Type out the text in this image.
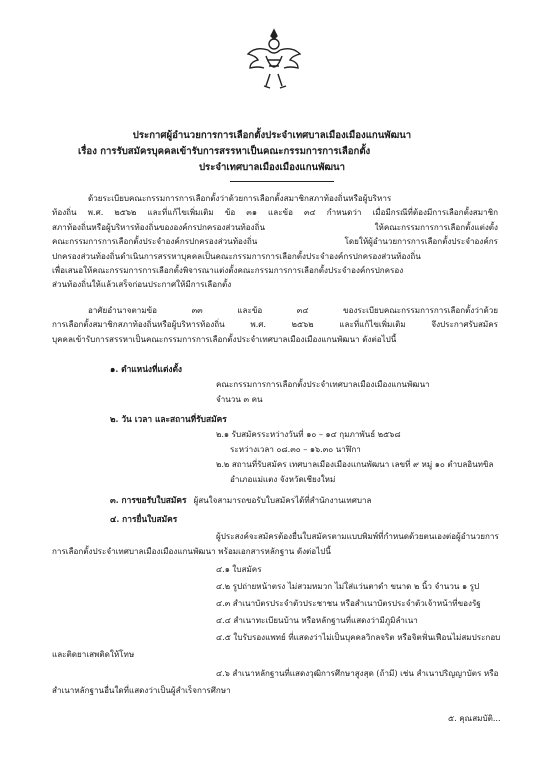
ประกาศผู้อำนวยการการเลือกตั้งประจำเทศบาลเมืองเมืองแกนพัฒนา
เรื่อง การรับสมัครบุคคลเข้ารับการสรรหาเป็นคณะกรรมการการเลือกตั้ง
ประจำเทศบาลเมืองเมืองแกนพัฒนา
ด้วยระเบียบคณะกรรมการการเลือกตั้งว่าด้วยการเลือกตั้งสมาชิกสภาท้องถิ่นหรือผู้บริหาร
ท้องถิ่น พ.ศ. ๒๕๖๒ และที่แก้ไขเพิ่มเติม ข้อ ๓๑ และข้อ ๓๔ กำหนดว่า เมื่อมีกรณีที่ต้องมีการเลือกตั้งสมาชิก
สภาท้องถิ่นหรือผู้บริหารท้องถิ่นขององค์กรปกครองส่วนท้องถิ่น ให้คณะกรรมการการเลือกตั้งแต่งตั้ง
คณะกรรมการการเลือกตั้งประจำองค์กรปกครองส่วนท้องถิ่น โดยให้ผู้อำนวยการการเลือกตั้งประจำองค์กร
ปกครองส่วนท้องถิ่นดำเนินการสรรหาบุคคลเป็นคณะกรรมการการเลือกตั้งประจำองค์กรปกครองส่วนท้องถิ่น
เพื่อเสนอให้คณะกรรมการการเลือกตั้งพิจารณาแต่งตั้งคณะกรรมการการเลือกตั้งประจำองค์กรปกครอง
ส่วนท้องถิ่นให้แล้วเสร็จก่อนประกาศให้มีการเลือกตั้ง
อาศัยอำนาจตามข้อ ๓๓ และข้อ ๓๔ ของระเบียบคณะกรรมการการเลือกตั้งว่าด้วย
การเลือกตั้งสมาชิกสภาท้องถิ่นหรือผู้บริหารท้องถิ่น พ.ศ. ๒๕๖๒ และที่แก้ไขเพิ่มเติม จึงประกาศรับสมัคร
บุคคลเข้ารับการสรรหาเป็นคณะกรรมการการเลือกตั้งประจำเทศบาลเมืองเมืองแกนพัฒนา ดังต่อไปนี้
๑. ตำแหน่งที่แต่งตั้ง
คณะกรรมการการเลือกตั้งประจำเทศบาลเมืองเมืองแกนพัฒนา
จำนวน ๓ คน
๒. วัน เวลา และสถานที่รับสมัคร
๒.๑ รับสมัครระหว่างวันที่ ๑๐ – ๑๔ กุมภาพันธ์ ๒๕๖๘
ระหว่างเวลา ๐๘.๓๐ – ๑๖.๓๐ นาฬิกา
๒.๒ สถานที่รับสมัคร เทศบาลเมืองเมืองแกนพัฒนา เลขที่ ๙ หมู่ ๑๐ ตำบลอินทขิล
อำเภอแม่แตง จังหวัดเชียงใหม่
๓. การขอรับใบสมัคร ผู้สนใจสามารถขอรับใบสมัครได้ที่สำนักงานเทศบาล
๔. การยื่นใบสมัคร
ผู้ประสงค์จะสมัครต้องยื่นใบสมัครตามแบบพิมพ์ที่กำหนดด้วยตนเองต่อผู้อำนวยการ
การเลือกตั้งประจำเทศบาลเมืองเมืองแกนพัฒนา พร้อมเอกสารหลักฐาน ดังต่อไปนี้
๔.๑ ใบสมัคร
๔.๒ รูปถ่ายหน้าตรง ไม่สวมหมวก ไม่ใส่แว่นตาดำ ขนาด ๒ นิ้ว จำนวน ๑ รูป
๔.๓ สำเนาบัตรประจำตัวประชาชน หรือสำเนาบัตรประจำตัวเจ้าหน้าที่ของรัฐ
๔.๔ สำเนาทะเบียนบ้าน หรือหลักฐานที่แสดงว่ามีภูมิลำเนา
๔.๕ ใบรับรองแพทย์ ที่แสดงว่าไม่เป็นบุคคลวิกลจริต หรือจิตฟั่นเฟือนไม่สมประกอบ
และติดยาเสพติดให้โทษ
๔.๖ สำเนาหลักฐานที่แสดงวุฒิการศึกษาสูงสุด (ถ้ามี) เช่น สำเนาปริญญาบัตร หรือ
สำเนาหลักฐานอื่นใดที่แสดงว่าเป็นผู้สำเร็จการศึกษา
๕. คุณสมบัติ...
